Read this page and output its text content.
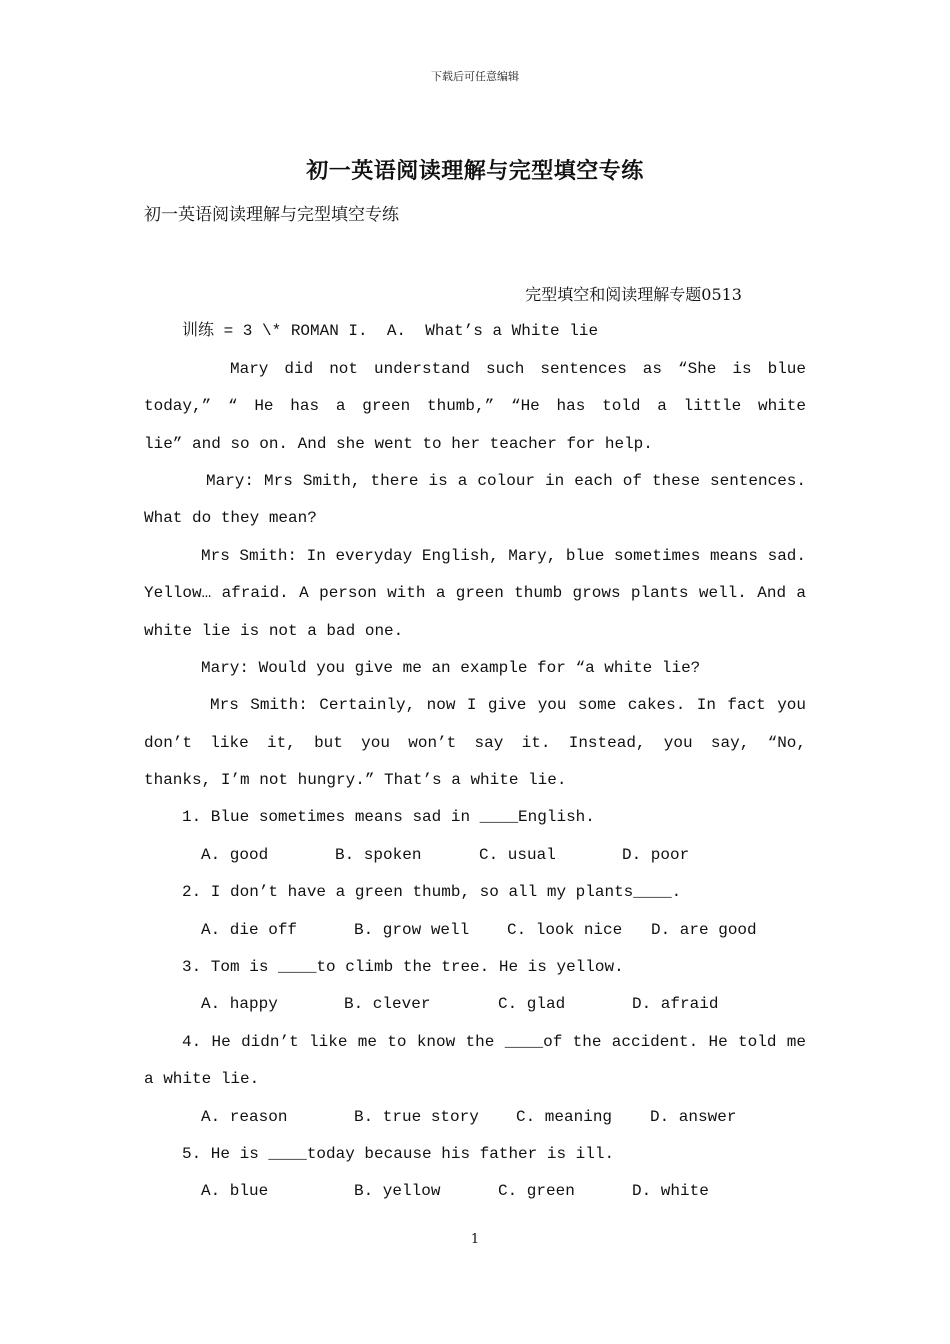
下载后可任意编辑
初一英语阅读理解与完型填空专练
初一英语阅读理解与完型填空专练
完型填空和阅读理解专题0513
训练 = 3 \* ROMAN I.  A.  What’s a White lie
Mary did not understand such sentences as “She is blue
today,” “ He has a green thumb,” “He has told a little white
lie” and so on. And she went to her teacher for help.
Mary: Mrs Smith, there is a colour in each of these sentences.
What do they mean?
Mrs Smith: In everyday English, Mary, blue sometimes means sad.
Yellow… afraid. A person with a green thumb grows plants well. And a
white lie is not a bad one.
Mary: Would you give me an example for “a white lie?
Mrs Smith: Certainly, now I give you some cakes. In fact you
don’t like it, but you won’t say it. Instead, you say, “No,
thanks, I’m not hungry.” That’s a white lie.
1. Blue sometimes means sad in ____English.
A. good	B. spoken	C. usual	D. poor
2. I don’t have a green thumb, so all my plants____.
A. die off	B. grow well	C. look nice	D. are good
3. Tom is ____to climb the tree. He is yellow.
A. happy	B. clever	C. glad	D. afraid
4. He didn’t like me to know the ____of the accident. He told me
a white lie.
A. reason	B. true story	C. meaning	D. answer
5. He is ____today because his father is ill.
A. blue	B. yellow	C. green	D. white
1
